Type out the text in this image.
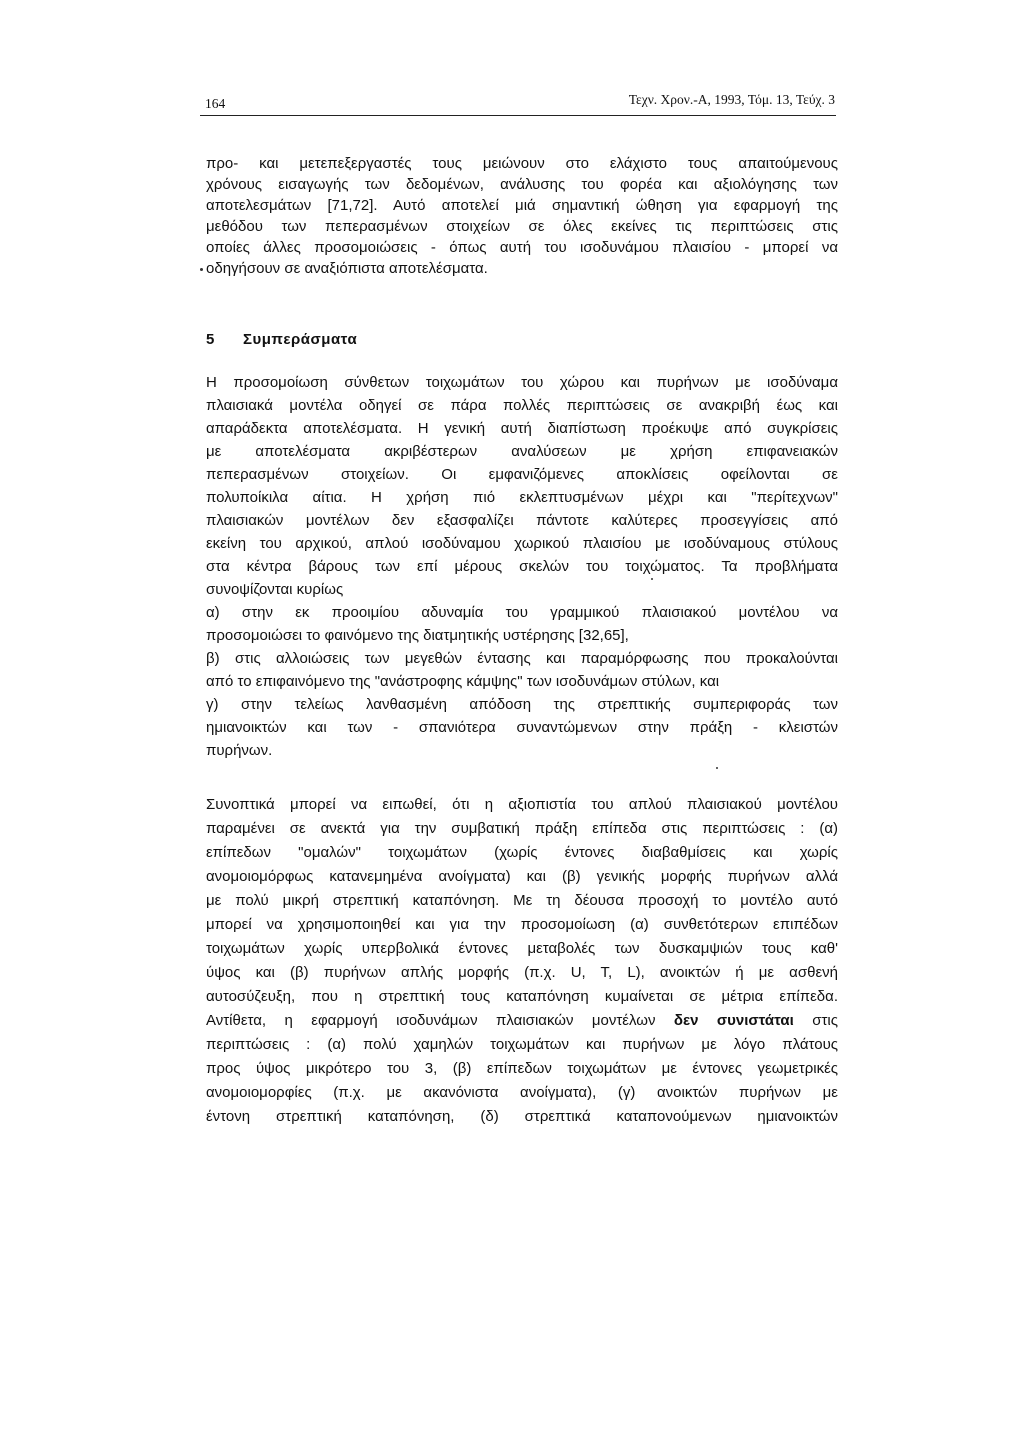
164	Τεχν. Χρον.-Α, 1993, Τόμ. 13, Τεύχ. 3
προ- και μετεπεξεργαστές τους μειώνουν στο ελάχιστο τους απαιτούμενους
χρόνους εισαγωγής των δεδομένων, ανάλυσης του φορέα και αξιολόγησης των
αποτελεσμάτων [71,72]. Αυτό αποτελεί μιά σημαντική ώθηση για εφαρμογή της
μεθόδου των πεπερασμένων στοιχείων σε όλες εκείνες τις περιπτώσεις στις
οποίες άλλες προσομοιώσεις - όπως αυτή του ισοδυνάμου πλαισίου - μπορεί να
οδηγήσουν σε αναξιόπιστα αποτελέσματα.
5 Συμπεράσματα
Η προσομοίωση σύνθετων τοιχωμάτων του χώρου και πυρήνων με ισοδύναμα
πλαισιακά μοντέλα οδηγεί σε πάρα πολλές περιπτώσεις σε ανακριβή έως και
απαράδεκτα αποτελέσματα. Η γενική αυτή διαπίστωση προέκυψε από συγκρίσεις
με αποτελέσματα ακριβέστερων αναλύσεων με χρήση επιφανειακών
πεπερασμένων στοιχείων. Οι εμφανιζόμενες αποκλίσεις οφείλονται σε
πολυποίκιλα αίτια. Η χρήση πιό εκλεπτυσμένων μέχρι και "περίτεχνων"
πλαισιακών μοντέλων δεν εξασφαλίζει πάντοτε καλύτερες προσεγγίσεις από
εκείνη του αρχικού, απλού ισοδύναμου χωρικού πλαισίου με ισοδύναμους στύλους
στα κέντρα βάρους των επί μέρους σκελών του τοιχώματος. Τα προβλήματα
συνοψίζονται κυρίως
α) στην εκ προοιμίου αδυναμία του γραμμικού πλαισιακού μοντέλου να
προσομοιώσει το φαινόμενο της διατμητικής υστέρησης [32,65],
β) στις αλλοιώσεις των μεγεθών έντασης και παραμόρφωσης που προκαλούνται
από το επιφαινόμενο της "ανάστροφης κάμψης" των ισοδυνάμων στύλων, και
γ) στην τελείως λανθασμένη απόδοση της στρεπτικής συμπεριφοράς των
ημιανοικτών και των - σπανιότερα συναντώμενων στην πράξη - κλειστών
πυρήνων.
Συνοπτικά μπορεί να ειπωθεί, ότι η αξιοπιστία του απλού πλαισιακού μοντέλου
παραμένει σε ανεκτά για την συμβατική πράξη επίπεδα στις περιπτώσεις : (α)
επίπεδων "ομαλών" τοιχωμάτων (χωρίς έντονες διαβαθμίσεις και χωρίς
ανομοιομόρφως κατανεμημένα ανοίγματα) και (β) γενικής μορφής πυρήνων αλλά
με πολύ μικρή στρεπτική καταπόνηση. Με τη δέουσα προσοχή το μοντέλο αυτό
μπορεί να χρησιμοποιηθεί και για την προσομοίωση (α) συνθετότερων επιπέδων
τοιχωμάτων χωρίς υπερβολικά έντονες μεταβολές των δυσκαμψιών τους καθ'
ύψος και (β) πυρήνων απλής μορφής (π.χ. U, T, L), ανοικτών ή με ασθενή
αυτοσύζευξη, που η στρεπτική τους καταπόνηση κυμαίνεται σε μέτρια επίπεδα.
Αντίθετα, η εφαρμογή ισοδυνάμων πλαισιακών μοντέλων δεν συνιστάται στις
περιπτώσεις : (α) πολύ χαμηλών τοιχωμάτων και πυρήνων με λόγο πλάτους
προς ύψος μικρότερο του 3, (β) επίπεδων τοιχωμάτων με έντονες γεωμετρικές
ανομοιομορφίες (π.χ. με ακανόνιστα ανοίγματα), (γ) ανοικτών πυρήνων με
έντονη στρεπτική καταπόνηση, (δ) στρεπτικά καταπονούμενων ημιανοικτών
